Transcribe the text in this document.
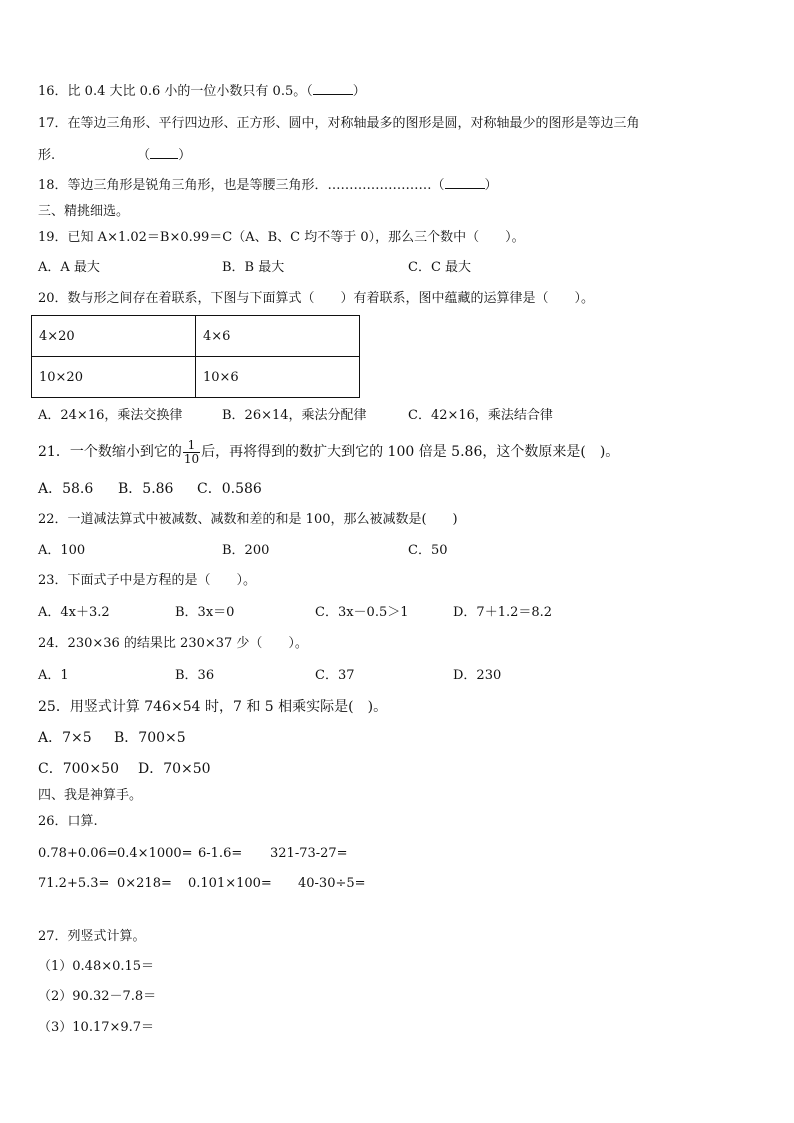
16．比 0.4 大比 0.6 小的一位小数只有 0.5。（	）
17．在等边三角形、平行四边形、正方形、圆中，对称轴最多的图形是圆，对称轴最少的图形是等边三角
形.	（ ）
18．等边三角形是锐角三角形，也是等腰三角形．……………………（	）
三、精挑细选。
19．已知 A×1.02＝B×0.99＝C（A、B、C 均不等于 0），那么三个数中（　　）。
A．A 最大	B．B 最大	C．C 最大
20．数与形之间存在着联系，下图与下面算式（　　）有着联系，图中蕴藏的运算律是（　　）。
4×20	4×6
10×20	10×6
A．24×16，乘法交换律	B．26×14，乘法分配律	C．42×16，乘法结合律
21．一个数缩小到它的 $\frac{1}{10}$ 后，再将得到的数扩大到它的 100 倍是 5.86，这个数原来是(　)。
A．58.6 B．5.86 C．0.586
22．一道减法算式中被减数、减数和差的和是 100，那么被减数是(　　)
A．100	B．200	C．50
23．下面式子中是方程的是（　　）。
A．4x＋3.2	B．3x＝0	C．3x－0.5＞1	D．7＋1.2＝8.2
24．230×36 的结果比 230×37 少（　　）。
A．1	B．36	C．37	D．230
25．用竖式计算 746×54 时，7 和 5 相乘实际是(　)。
A．7×5 B．700×5
C．700×50 D．70×50
四、我是神算手。
26．口算.
0.78+0.06= 0.4×1000= 6-1.6= 321-73-27=
71.2+5.3= 0×218= 0.101×100= 40-30÷5=
27．列竖式计算。
（1）0.48×0.15＝
（2）90.32－7.8＝
（3）10.17×9.7＝
